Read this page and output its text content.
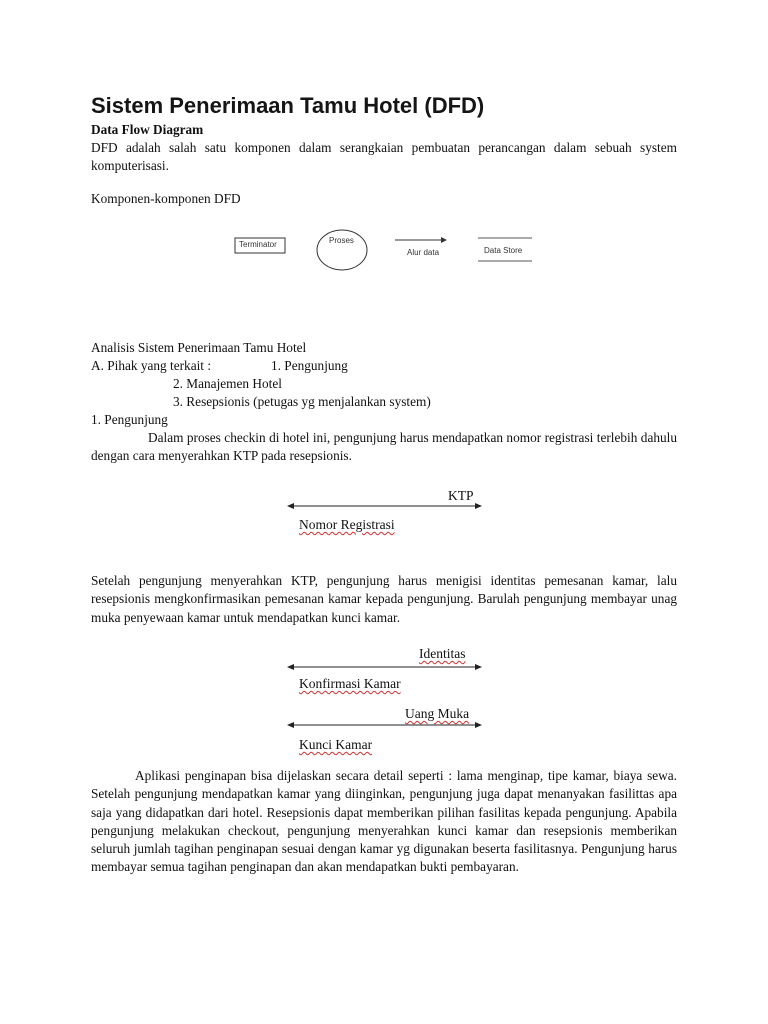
Sistem Penerimaan Tamu Hotel (DFD)
Data Flow Diagram
DFD adalah salah satu komponen dalam serangkaian pembuatan perancangan dalam sebuah system komputerisasi.
Komponen-komponen DFD
Terminator	Proses
Alur data	Data Store
Analisis Sistem Penerimaan Tamu Hotel
A. Pihak yang terkait :	1. Pengunjung
2. Manajemen Hotel
3. Resepsionis (petugas yg menjalankan system)
1. Pengunjung
Dalam proses checkin di hotel ini, pengunjung harus mendapatkan nomor registrasi terlebih dahulu dengan cara menyerahkan KTP pada resepsionis.
KTP
Nomor Registrasi
Setelah pengunjung menyerahkan KTP, pengunjung harus menigisi identitas pemesanan kamar, lalu resepsionis mengkonfirmasikan pemesanan kamar kepada pengunjung. Barulah pengunjung membayar unag muka penyewaan kamar untuk mendapatkan kunci kamar.
Identitas
Konfirmasi Kamar
Uang Muka
Kunci Kamar
Aplikasi penginapan bisa dijelaskan secara detail seperti : lama menginap, tipe kamar, biaya sewa. Setelah pengunjung mendapatkan kamar yang diinginkan, pengunjung juga dapat menanyakan fasilittas apa saja yang didapatkan dari hotel. Resepsionis dapat memberikan pilihan fasilitas kepada pengunjung. Apabila pengunjung melakukan checkout, pengunjung menyerahkan kunci kamar dan resepsionis memberikan seluruh jumlah tagihan penginapan sesuai dengan kamar yg digunakan beserta fasilitasnya. Pengunjung harus membayar semua tagihan penginapan dan akan mendapatkan bukti pembayaran.
